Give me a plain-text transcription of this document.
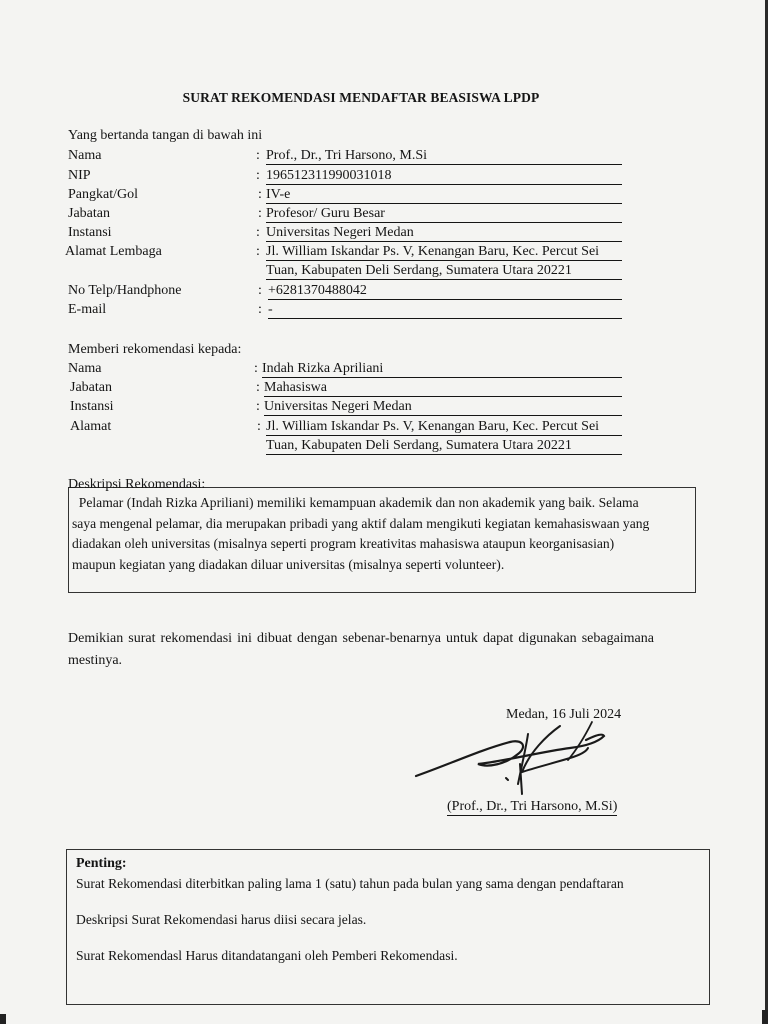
SURAT REKOMENDASI MENDAFTAR BEASISWA LPDP
Yang bertanda tangan di bawah ini
Nama	: Prof., Dr., Tri Harsono, M.Si
NIP	: 196512311990031018
Pangkat/Gol	: IV-e
Jabatan	: Profesor/ Guru Besar
Instansi	: Universitas Negeri Medan
Alamat Lembaga	: Jl. William Iskandar Ps. V, Kenangan Baru, Kec. Percut Sei
Tuan, Kabupaten Deli Serdang, Sumatera Utara 20221
No Telp/Handphone	: +6281370488042
E-mail	: -
Memberi rekomendasi kepada:
Nama	: Indah Rizka Apriliani
Jabatan	: Mahasiswa
Instansi	: Universitas Negeri Medan
Alamat	: Jl. William Iskandar Ps. V, Kenangan Baru, Kec. Percut Sei
Tuan, Kabupaten Deli Serdang, Sumatera Utara 20221
Deskripsi Rekomendasi:
Pelamar (Indah Rizka Apriliani) memiliki kemampuan akademik dan non akademik yang baik. Selama
saya mengenal pelamar, dia merupakan pribadi yang aktif dalam mengikuti kegiatan kemahasiswaan yang
diadakan oleh universitas (misalnya seperti program kreativitas mahasiswa ataupun keorganisasian)
maupun kegiatan yang diadakan diluar universitas (misalnya seperti volunteer).
Demikian surat rekomendasi ini dibuat dengan sebenar-benarnya untuk dapat digunakan sebagaimana mestinya.
Medan, 16 Juli 2024
(Prof., Dr., Tri Harsono, M.Si)
Penting:
Surat Rekomendasi diterbitkan paling lama 1 (satu) tahun pada bulan yang sama dengan pendaftaran
Deskripsi Surat Rekomendasi harus diisi secara jelas.
Surat Rekomendasl Harus ditandatangani oleh Pemberi Rekomendasi.
